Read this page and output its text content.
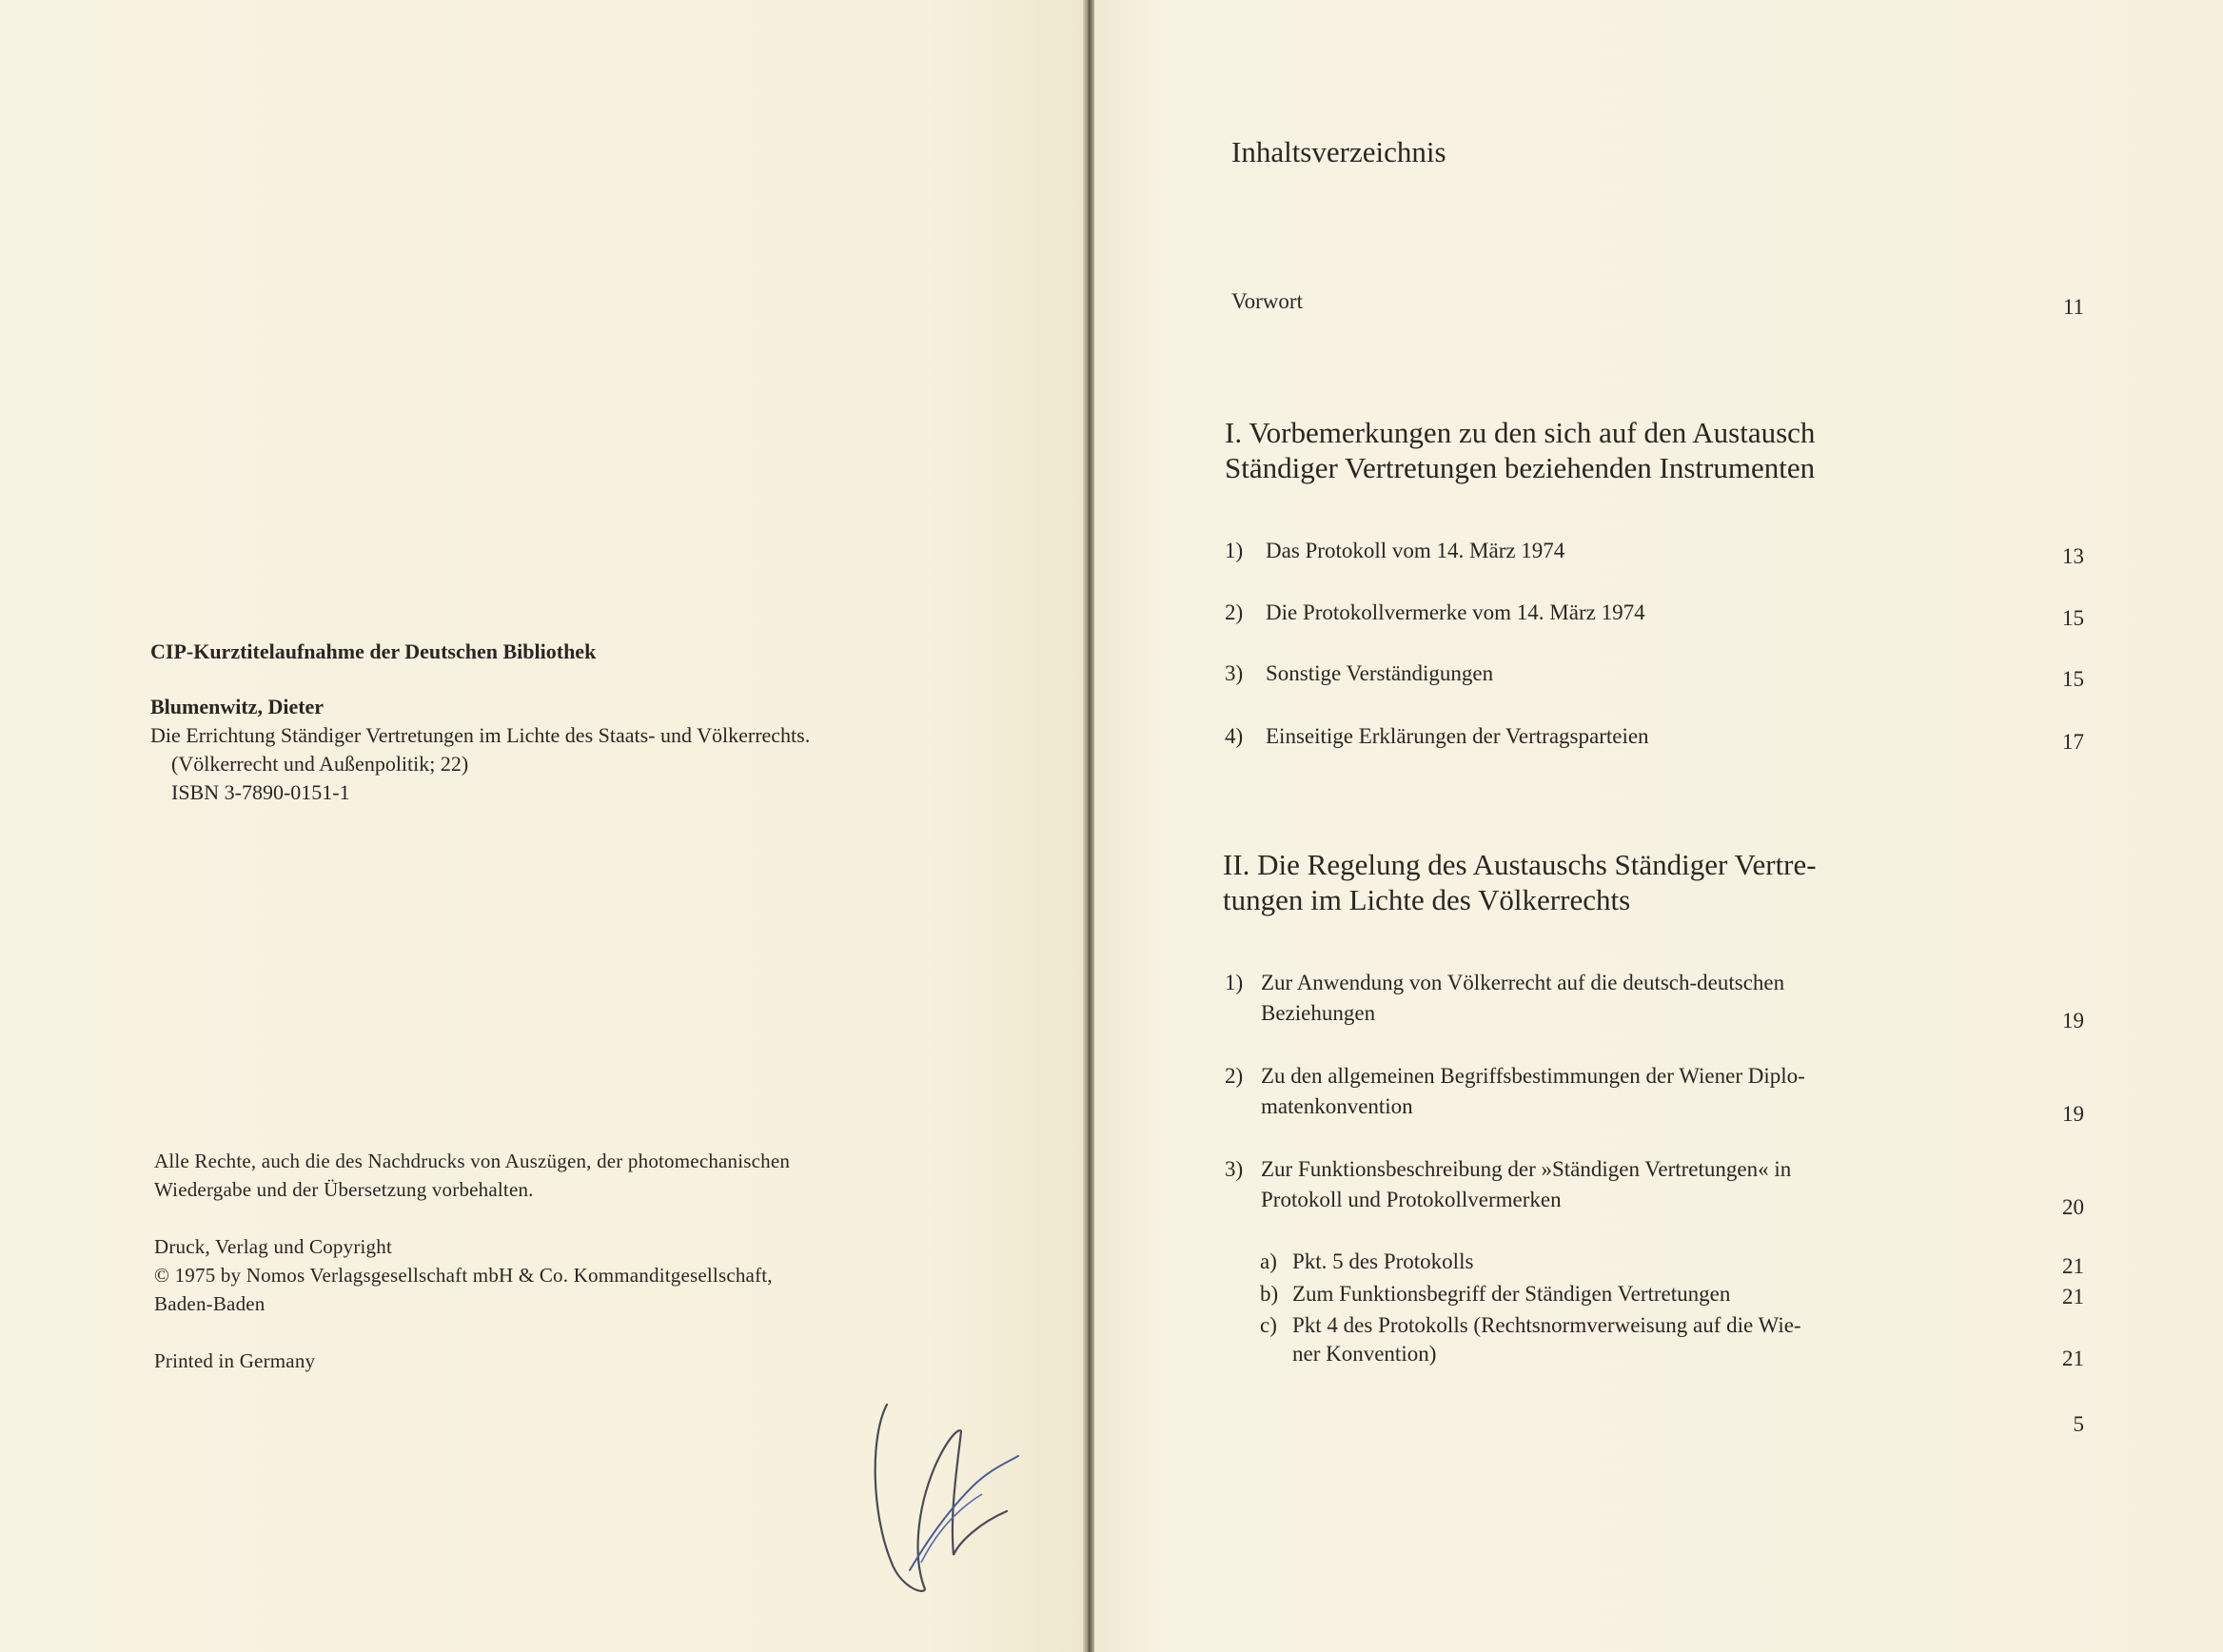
CIP-Kurztitelaufnahme der Deutschen Bibliothek
Blumenwitz, Dieter
Die Errichtung Ständiger Vertretungen im Lichte des Staats- und Völkerrechts.
(Völkerrecht und Außenpolitik; 22)
ISBN 3-7890-0151-1
Alle Rechte, auch die des Nachdrucks von Auszügen, der photomechanischen
Wiedergabe und der Übersetzung vorbehalten.
Druck, Verlag und Copyright
© 1975 by Nomos Verlagsgesellschaft mbH & Co. Kommanditgesellschaft,
Baden-Baden
Printed in Germany
Inhaltsverzeichnis
Vorwort	11
I. Vorbemerkungen zu den sich auf den Austausch
Ständiger Vertretungen beziehenden Instrumenten
1) Das Protokoll vom 14. März 1974	13
2) Die Protokollvermerke vom 14. März 1974	15
3) Sonstige Verständigungen	15
4) Einseitige Erklärungen der Vertragsparteien	17
II. Die Regelung des Austauschs Ständiger Vertre-
tungen im Lichte des Völkerrechts
1) Zur Anwendung von Völkerrecht auf die deutsch-deutschen
Beziehungen	19
2) Zu den allgemeinen Begriffsbestimmungen der Wiener Diplo-
matenkonvention	19
3) Zur Funktionsbeschreibung der »Ständigen Vertretungen« in
Protokoll und Protokollvermerken	20
a) Pkt. 5 des Protokolls	21
b) Zum Funktionsbegriff der Ständigen Vertretungen	21
c) Pkt 4 des Protokolls (Rechtsnormverweisung auf die Wie-
ner Konvention)	21
5
